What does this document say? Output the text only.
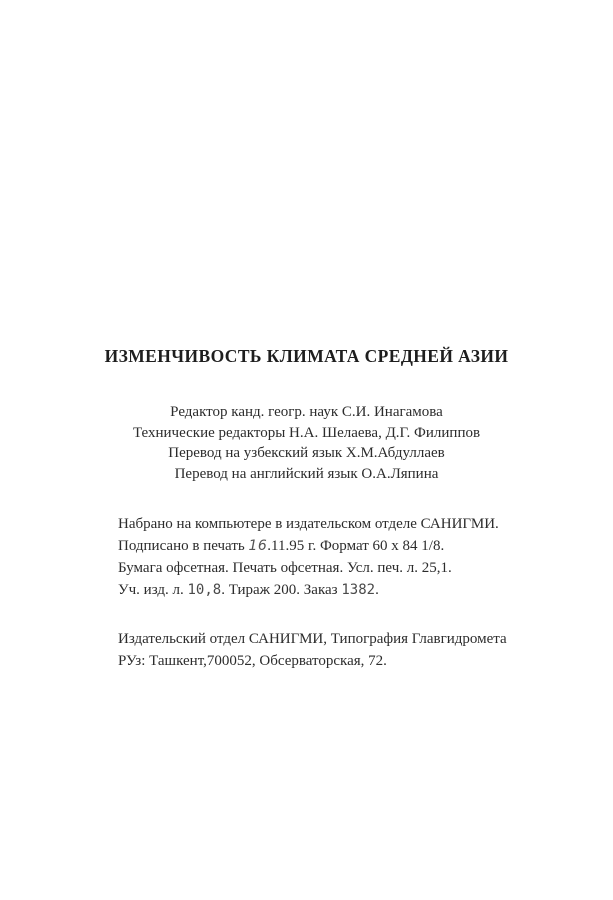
ИЗМЕНЧИВОСТЬ КЛИМАТА СРЕДНЕЙ АЗИИ
Редактор канд. геогр. наук С.И. Инагамова
Технические редакторы Н.А. Шелаева, Д.Г. Филиппов
Перевод на узбекский язык Х.М.Абдуллаев
Перевод на английский язык О.А.Ляпина
Набрано на компьютере в издательском отделе САНИГМИ.
Подписано в печать 16.11.95 г. Формат 60 x 84 1/8.
Бумага офсетная. Печать офсетная. Усл. печ. л. 25,1.
Уч. изд. л. 10,8. Тираж 200. Заказ 1382.
Издательский отдел САНИГМИ, Типография Главгидромета
РУз: Ташкент,700052, Обсерваторская, 72.
